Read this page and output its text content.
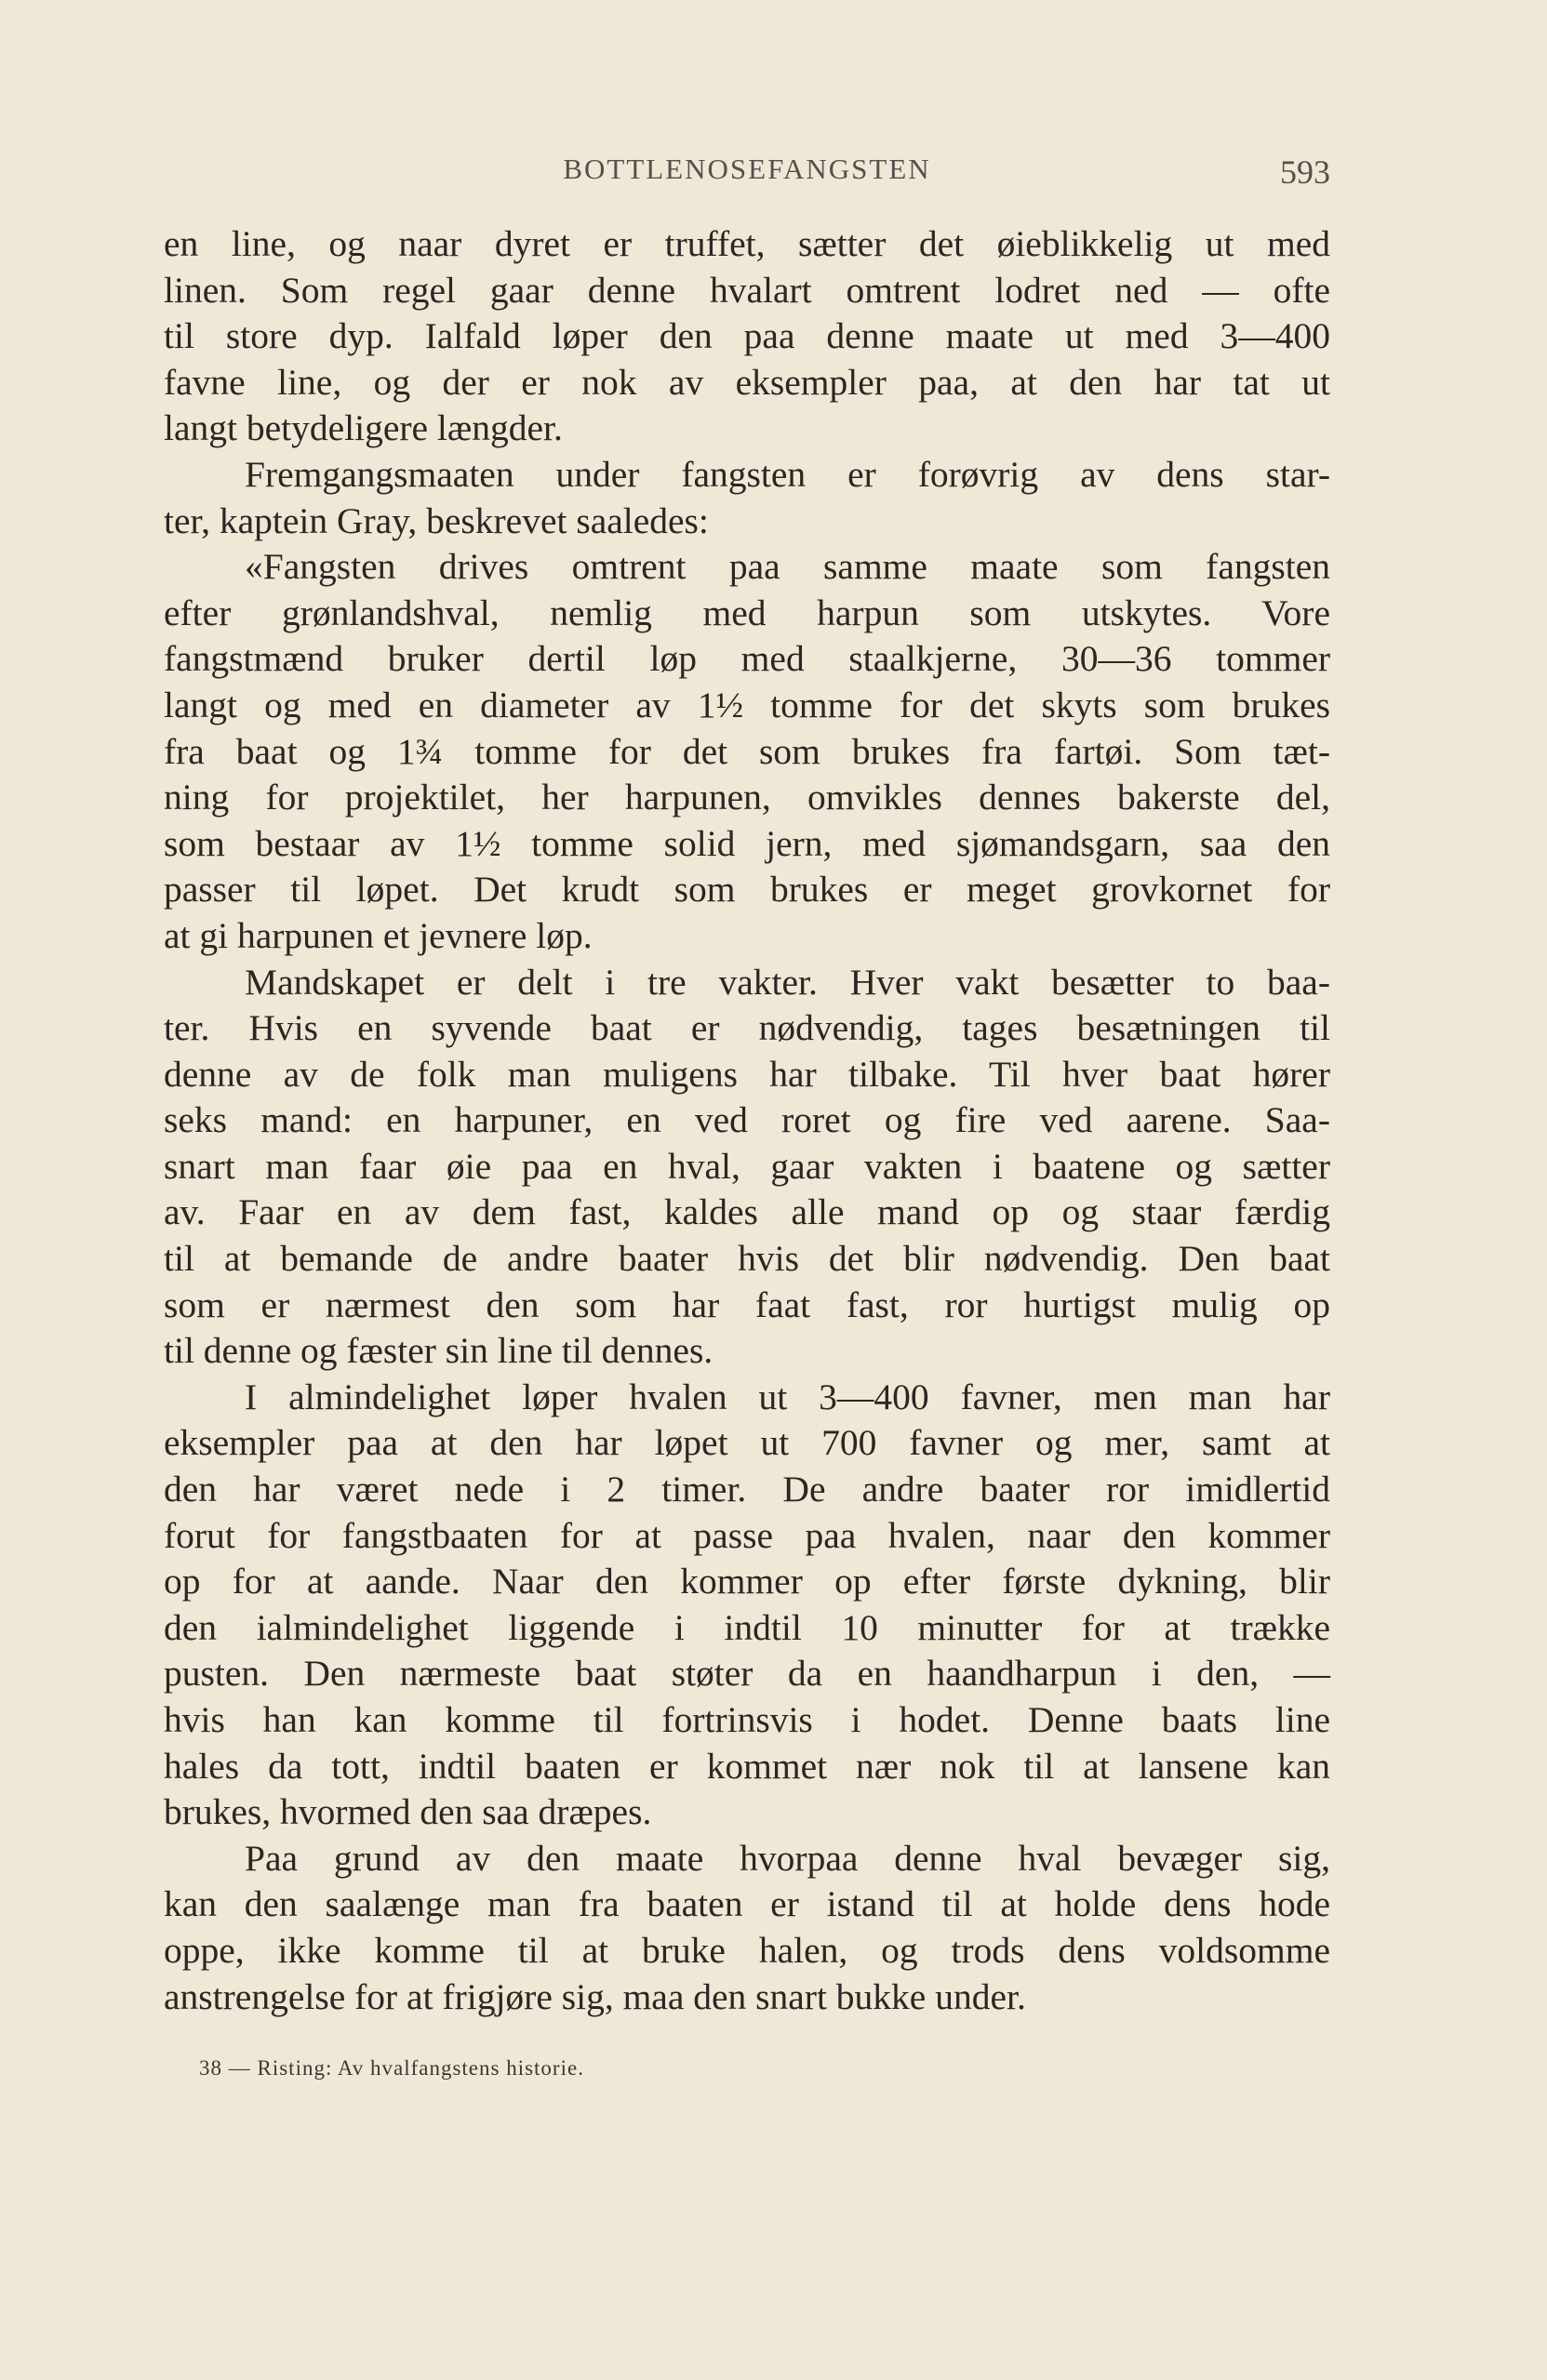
BOTTLENOSEFANGSTEN	593
en line, og naar dyret er truffet, sætter det øieblikkelig ut med
linen. Som regel gaar denne hvalart omtrent lodret ned — ofte
til store dyp. Ialfald løper den paa denne maate ut med 3—400
favne line, og der er nok av eksempler paa, at den har tat ut
langt betydeligere længder.
Fremgangsmaaten under fangsten er forøvrig av dens star-
ter, kaptein Gray, beskrevet saaledes:
«Fangsten drives omtrent paa samme maate som fangsten
efter grønlandshval, nemlig med harpun som utskytes. Vore
fangstmænd bruker dertil løp med staalkjerne, 30—36 tommer
langt og med en diameter av 1½ tomme for det skyts som brukes
fra baat og 1¾ tomme for det som brukes fra fartøi. Som tæt-
ning for projektilet, her harpunen, omvikles dennes bakerste del,
som bestaar av 1½ tomme solid jern, med sjømandsgarn, saa den
passer til løpet. Det krudt som brukes er meget grovkornet for
at gi harpunen et jevnere løp.
Mandskapet er delt i tre vakter. Hver vakt besætter to baa-
ter. Hvis en syvende baat er nødvendig, tages besætningen til
denne av de folk man muligens har tilbake. Til hver baat hører
seks mand: en harpuner, en ved roret og fire ved aarene. Saa-
snart man faar øie paa en hval, gaar vakten i baatene og sætter
av. Faar en av dem fast, kaldes alle mand op og staar færdig
til at bemande de andre baater hvis det blir nødvendig. Den baat
som er nærmest den som har faat fast, ror hurtigst mulig op
til denne og fæster sin line til dennes.
I almindelighet løper hvalen ut 3—400 favner, men man har
eksempler paa at den har løpet ut 700 favner og mer, samt at
den har været nede i 2 timer. De andre baater ror imidlertid
forut for fangstbaaten for at passe paa hvalen, naar den kommer
op for at aande. Naar den kommer op efter første dykning, blir
den ialmindelighet liggende i indtil 10 minutter for at trække
pusten. Den nærmeste baat støter da en haandharpun i den, —
hvis han kan komme til fortrinsvis i hodet. Denne baats line
hales da tott, indtil baaten er kommet nær nok til at lansene kan
brukes, hvormed den saa dræpes.
Paa grund av den maate hvorpaa denne hval bevæger sig,
kan den saalænge man fra baaten er istand til at holde dens hode
oppe, ikke komme til at bruke halen, og trods dens voldsomme
anstrengelse for at frigjøre sig, maa den snart bukke under.
38 — Risting: Av hvalfangstens historie.
